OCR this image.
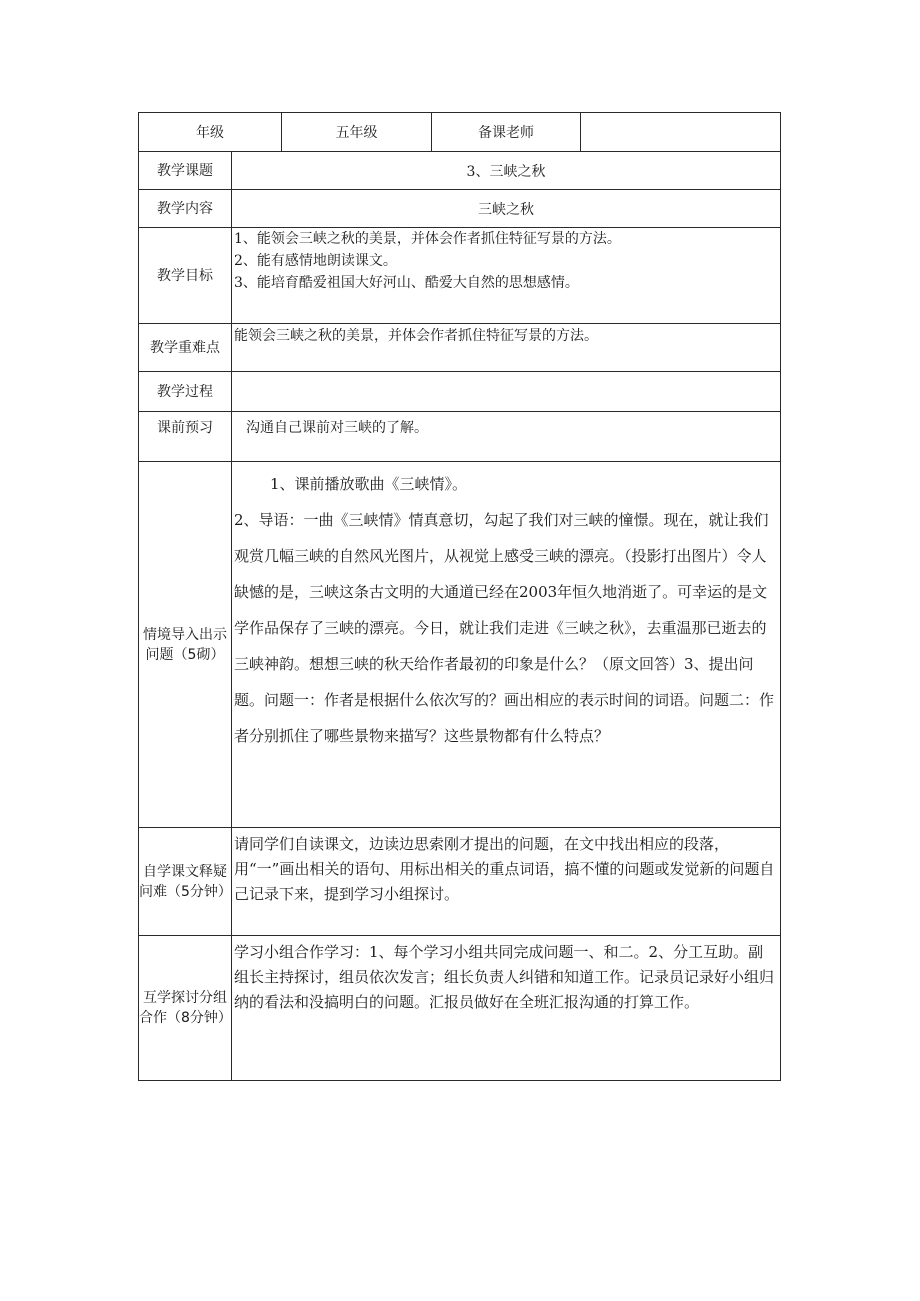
年级		五年级	备课老师	
教学课题	3、三峡之秋			
教学内容	三峡之秋			
教学目标	1、能领会三峡之秋的美景，并体会作者抓住特征写景的方法。

2、能有感情地朗读课文。

3、能培育酷爱祖国大好河山、酷爱大自然的思想感情。			

教学重难点	能领会三峡之秋的美景，并体会作者抓住特征写景的方法。			
教学过程				
课前预习	沟通自己课前对三峡的了解。			
情境导入出示问题（5砌）	1、课前播放歌曲《三峡情》。

2、导语：一曲《三峡情》情真意切，勾起了我们对三峡的憧憬。现在，就让我们观赏几幅三峡的自然风光图片，从视觉上感受三峡的漂亮。（投影打出图片）令人缺憾的是，三峡这条古文明的大通道已经在2003年恒久地消逝了。可幸运的是文学作品保存了三峡的漂亮。今日，就让我们走进《三峡之秋》，去重温那已逝去的三峡神韵。想想三峡的秋天给作者最初的印象是什么？（原文回答）3、提出问题。问题一：作者是根据什么依次写的？画出相应的表示时间的词语。问题二：作者分别抓住了哪些景物来描写？这些景物都有什么特点？			

自学课文释疑问难（5分钟）	请同学们自读课文，边读边思索刚才提出的问题，在文中找出相应的段落，用“一”画出相关的语句、用标出相关的重点词语，搞不懂的问题或发觉新的问题自己记录下来，提到学习小组探讨。			
互学探讨分组合作（8分钟）	学习小组合作学习：1、每个学习小组共同完成问题一、和二。2、分工互助。副组长主持探讨，组员依次发言；组长负责人纠错和知道工作。记录员记录好小组归纳的看法和没搞明白的问题。汇报员做好在全班汇报沟通的打算工作。			
